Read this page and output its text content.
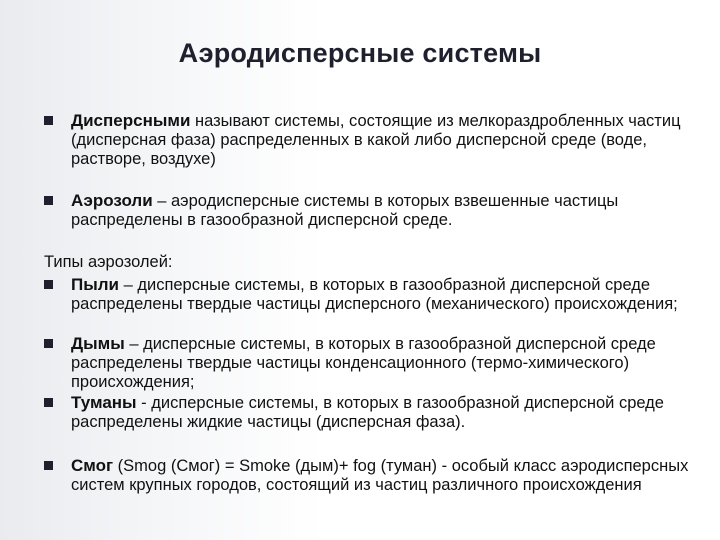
Аэродисперсные системы
Дисперсными называют системы, состоящие из мелкораздробленных частиц (дисперсная фаза) распределенных в какой либо дисперсной среде (воде, растворе, воздухе)
Аэрозоли – аэродисперсные системы в которых взвешенные частицы распределены в газообразной дисперсной среде.
Типы аэрозолей:
Пыли – дисперсные системы, в которых в газообразной дисперсной среде распределены твердые частицы дисперсного (механического) происхождения;
Дымы – дисперсные системы, в которых в газообразной дисперсной среде распределены твердые частицы конденсационного (термо-химического) происхождения;
Туманы - дисперсные системы, в которых в газообразной дисперсной среде распределены жидкие частицы (дисперсная фаза).
Смог (Smog (Смог) = Smoke (дым)+ fog (туман) - особый класс аэродисперсных систем крупных городов, состоящий из частиц различного происхождения
